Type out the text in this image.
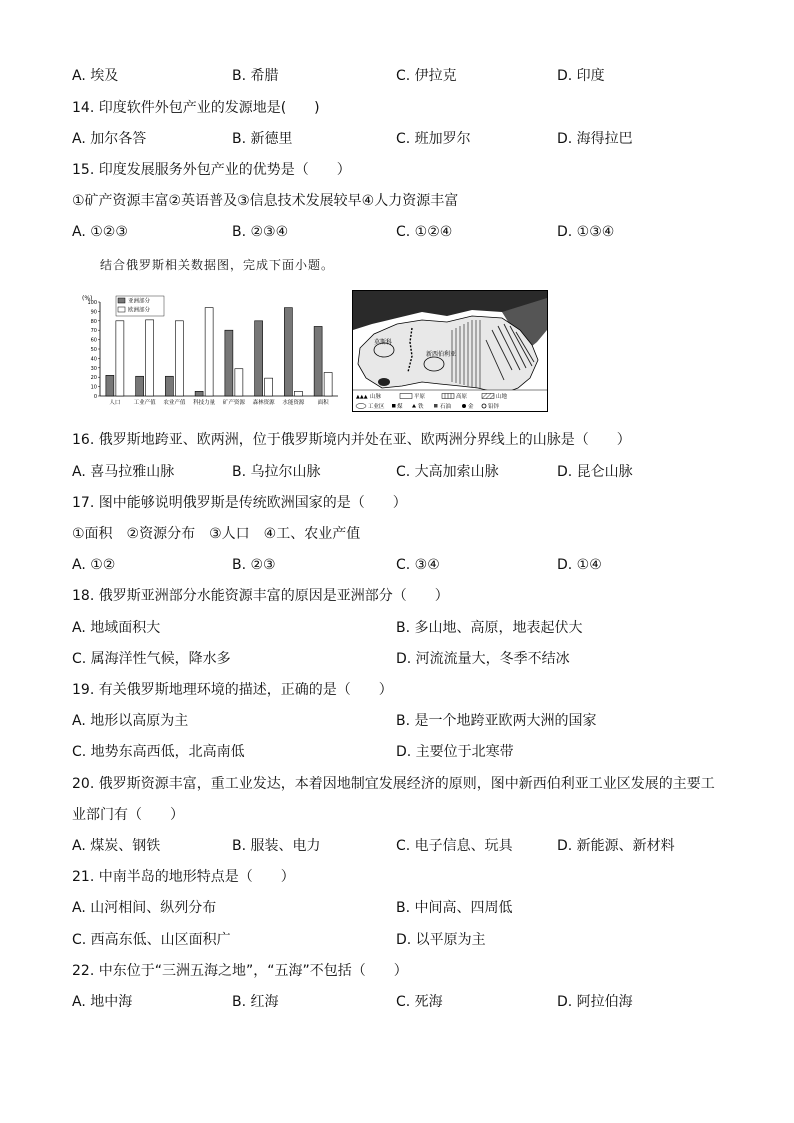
A. 埃及	B. 希腊	C. 伊拉克	D. 印度
14. 印度软件外包产业的发源地是(　　)
A. 加尔各答	B. 新德里	C. 班加罗尔	D. 海得拉巴
15. 印度发展服务外包产业的优势是（　　）
①矿产资源丰富②英语普及③信息技术发展较早④人力资源丰富
A. ①②③	B. ②③④	C. ①②④	D. ①③④
结合俄罗斯相关数据图，完成下面小题。
(%)
0
10
20
30
40
50
60
70
80
90
100
人口 工业产值 农业产值 科技力量 矿产资源 森林资源 水能资源 面积
亚洲部分
欧洲部分
莫斯科
新西伯利亚
▲▲▲ 山脉	平原	高原	山地
工业区 煤	铁	石油	金	铅锌
16. 俄罗斯地跨亚、欧两洲，位于俄罗斯境内并处在亚、欧两洲分界线上的山脉是（　　）
A. 喜马拉雅山脉	B. 乌拉尔山脉	C. 大高加索山脉	D. 昆仑山脉
17. 图中能够说明俄罗斯是传统欧洲国家的是（　　）
①面积　②资源分布　③人口　④工、农业产值
A. ①②	B. ②③	C. ③④	D. ①④
18. 俄罗斯亚洲部分水能资源丰富的原因是亚洲部分（　　）
A. 地域面积大	B. 多山地、高原，地表起伏大
C. 属海洋性气候，降水多	D. 河流流量大，冬季不结冰
19. 有关俄罗斯地理环境的描述，正确的是（　　）
A. 地形以高原为主	B. 是一个地跨亚欧两大洲的国家
C. 地势东高西低，北高南低	D. 主要位于北寒带
20. 俄罗斯资源丰富，重工业发达，本着因地制宜发展经济的原则，图中新西伯利亚工业区发展的主要工
业部门有（　　）
A. 煤炭、钢铁	B. 服装、电力	C. 电子信息、玩具	D. 新能源、新材料
21. 中南半岛的地形特点是（　　）
A. 山河相间、纵列分布	B. 中间高、四周低
C. 西高东低、山区面积广	D. 以平原为主
22. 中东位于“三洲五海之地”，“五海”不包括（　　）
A. 地中海	B. 红海	C. 死海	D. 阿拉伯海
